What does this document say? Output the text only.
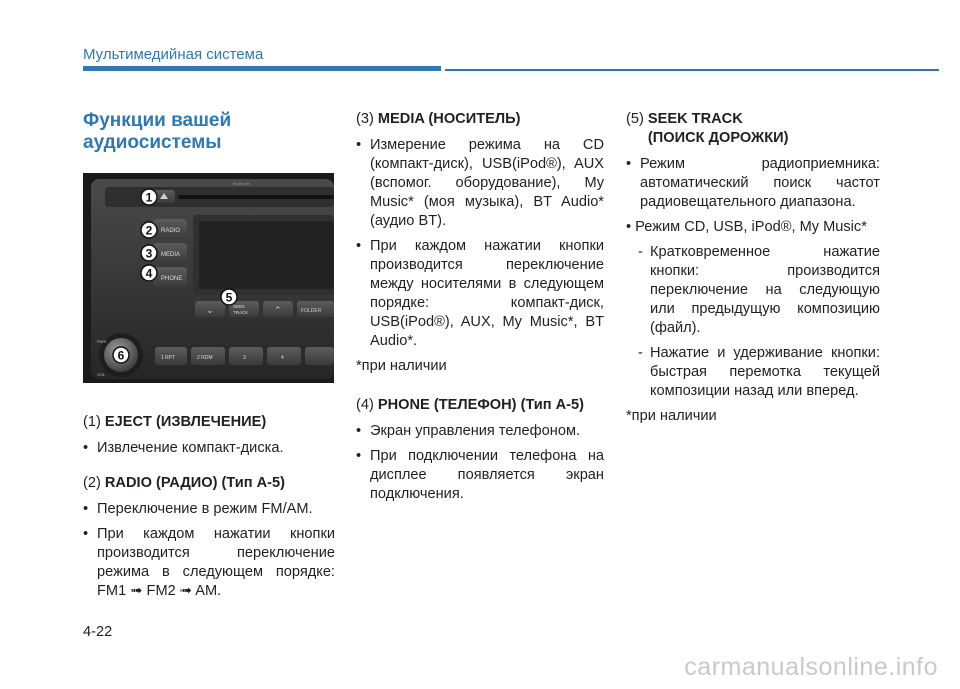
Мультимедийная система
Функции вашей аудиосистемы
Bluetooth
RADIO
MEDIA
PHONE
⌄	SEEK
TRACK	⌃	FOLDER
1 RPT	2 RDM	3	4
PWR
VOL
1
2
3
4
5
6
(1) EJECT (ИЗВЛЕЧЕНИЕ)
• Извлечение компакт-диска.
(2) RADIO (РАДИО) (Тип A-5)
• Переключение в режим FM/AM.
• При каждом нажатии кнопки производится переключение режима в следующем порядке: FM1 ➟ FM2 ➟ AM.
(3) MEDIA (НОСИТЕЛЬ)
• Измерение режима на CD (компакт-диск), USB(iPod®), AUX (вспомог. оборудование), My Music* (моя музыка), BT Audio* (аудио BT).
• При каждом нажатии кнопки производится переключение между носителями в следующем порядке: компакт-диск, USB(iPod®), AUX, My Music*, BT Audio*.
*при наличии
(4) PHONE (ТЕЛЕФОН) (Тип A-5)
• Экран управления телефоном.
• При подключении телефона на дисплее появляется экран подключения.
(5) SEEK TRACK
(ПОИСК ДОРОЖКИ)
• Режим радиоприемника: автоматический поиск частот радиовещательного диапазона.
• Режим CD, USB, iPod®, My Music*
- Кратковременное нажатие кнопки: производится переключение на следующую или предыдущую композицию (файл).
- Нажатие и удерживание кнопки: быстрая перемотка текущей композиции назад или вперед.
*при наличии
4-22
carmanualsonline.info
